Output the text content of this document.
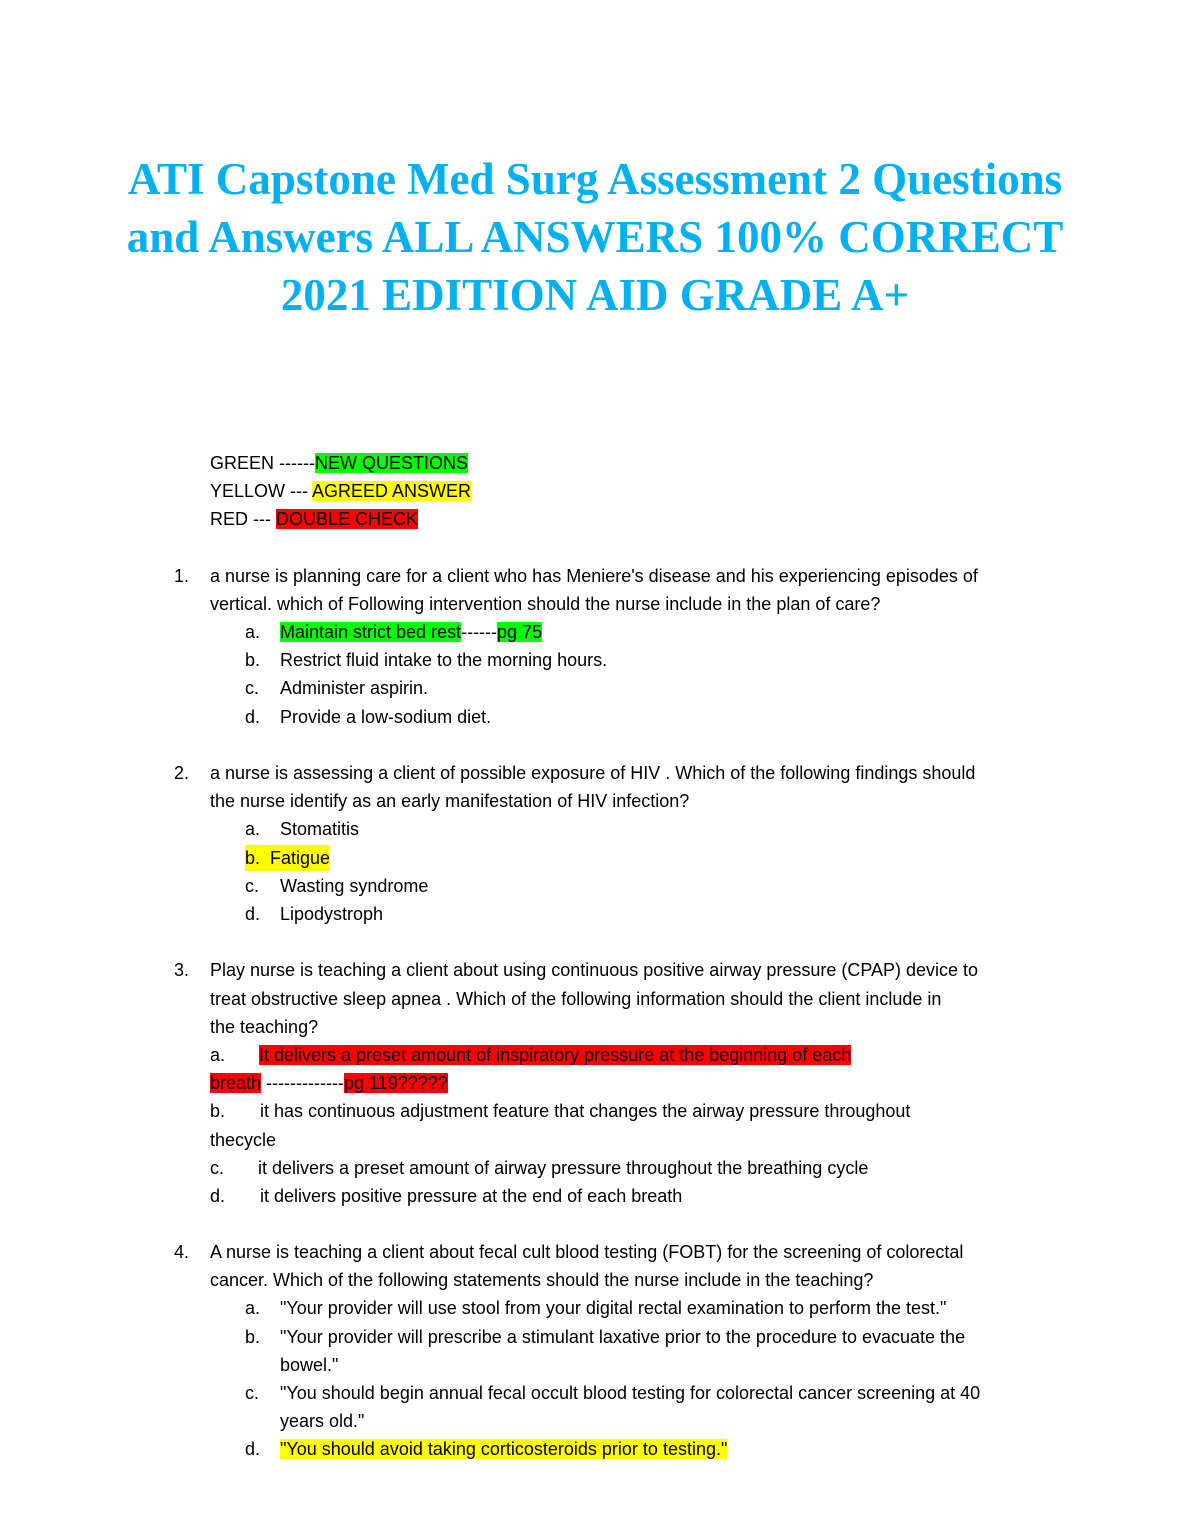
ATI Capstone Med Surg Assessment 2 Questions and Answers ALL ANSWERS 100% CORRECT 2021 EDITION AID GRADE A+
GREEN ------NEW QUESTIONS
YELLOW --- AGREED ANSWER
RED --- DOUBLE CHECK
1. a nurse is planning care for a client who has Meniere's disease and his experiencing episodes of
vertical. which of Following intervention should the nurse include in the plan of care?
a. Maintain strict bed rest------pg 75
b. Restrict fluid intake to the morning hours.
c. Administer aspirin.
d. Provide a low-sodium diet.
2. a nurse is assessing a client of possible exposure of HIV . Which of the following findings should
the nurse identify as an early manifestation of HIV infection?
a. Stomatitis
b. Fatigue
c. Wasting syndrome
d. Lipodystroph
3. Play nurse is teaching a client about using continuous positive airway pressure (CPAP) device to
treat obstructive sleep apnea . Which of the following information should the client include in
the teaching?
a. It delivers a preset amount of inspiratory pressure at the beginning of each
breath -------------pg 119?????
b. it has continuous adjustment feature that changes the airway pressure throughout
thecycle
c. it delivers a preset amount of airway pressure throughout the breathing cycle
d. it delivers positive pressure at the end of each breath
4. A nurse is teaching a client about fecal cult blood testing (FOBT) for the screening of colorectal
cancer. Which of the following statements should the nurse include in the teaching?
a. "Your provider will use stool from your digital rectal examination to perform the test."
b. "Your provider will prescribe a stimulant laxative prior to the procedure to evacuate the
bowel."
c. "You should begin annual fecal occult blood testing for colorectal cancer screening at 40
years old."
d. "You should avoid taking corticosteroids prior to testing."
